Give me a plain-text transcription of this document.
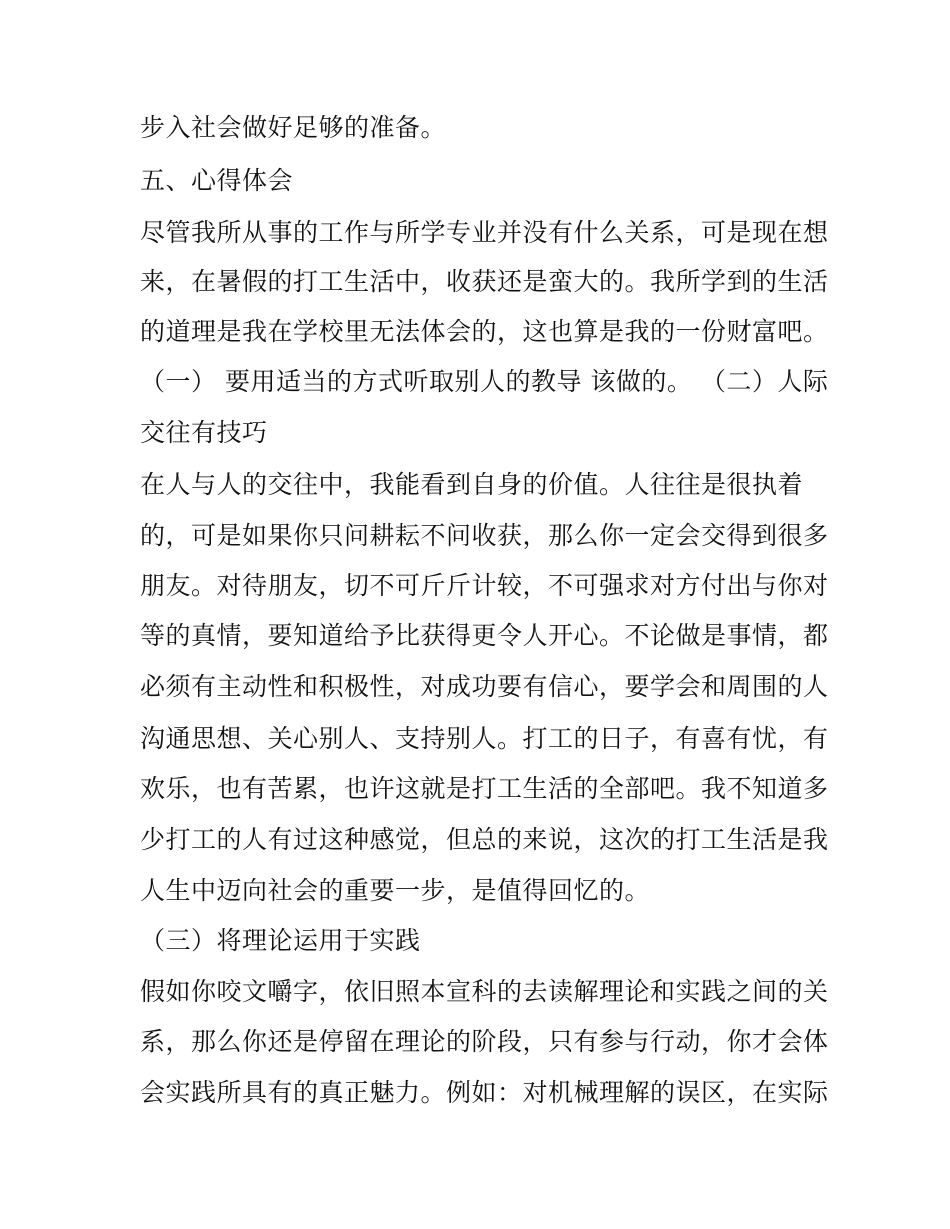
步入社会做好足够的准备。
五、心得体会
尽管我所从事的工作与所学专业并没有什么关系，可是现在想
来，在暑假的打工生活中，收获还是蛮大的。我所学到的生活
的道理是我在学校里无法体会的，这也算是我的一份财富吧。
（一） 要用适当的方式听取别人的教导 该做的。 （二）人际
交往有技巧
在人与人的交往中，我能看到自身的价值。人往往是很执着
的，可是如果你只问耕耘不问收获，那么你一定会交得到很多
朋友。对待朋友，切不可斤斤计较，不可强求对方付出与你对
等的真情，要知道给予比获得更令人开心。不论做是事情，都
必须有主动性和积极性，对成功要有信心，要学会和周围的人
沟通思想、关心别人、支持别人。打工的日子，有喜有忧，有
欢乐，也有苦累，也许这就是打工生活的全部吧。我不知道多
少打工的人有过这种感觉，但总的来说，这次的打工生活是我
人生中迈向社会的重要一步，是值得回忆的。
（三）将理论运用于实践
假如你咬文嚼字，依旧照本宣科的去读解理论和实践之间的关
系，那么你还是停留在理论的阶段，只有参与行动，你才会体
会实践所具有的真正魅力。例如：对机械理解的误区，在实际
